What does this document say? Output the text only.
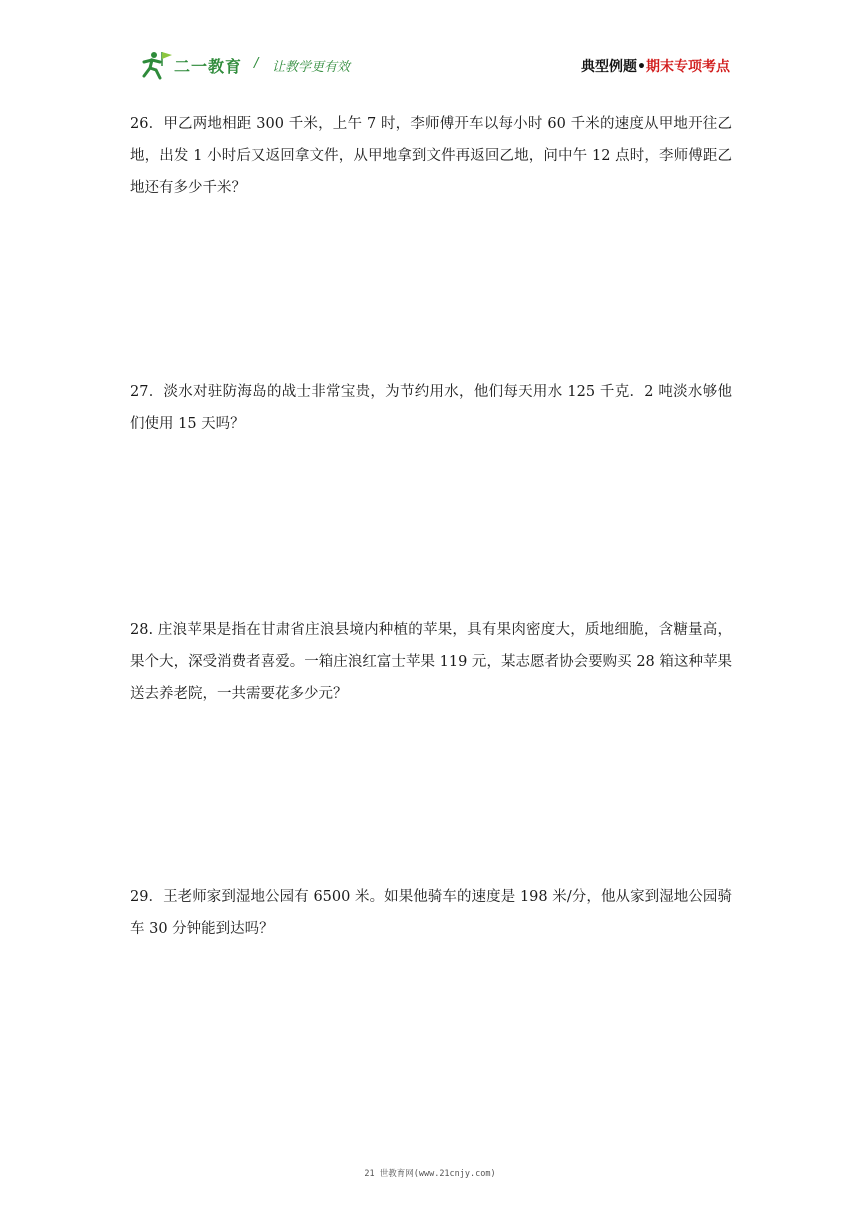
二一教育 / 让教学更有效	典型例题•期末专项考点
26．甲乙两地相距 300 千米，上午 7 时，李师傅开车以每小时 60 千米的速度从甲地开往乙地，出发 1 小时后又返回拿文件，从甲地拿到文件再返回乙地，问中午 12 点时，李师傅距乙地还有多少千米？
27．淡水对驻防海岛的战士非常宝贵，为节约用水，他们每天用水 125 千克．2 吨淡水够他们使用 15 天吗？
28. 庄浪苹果是指在甘肃省庄浪县境内种植的苹果，具有果肉密度大，质地细脆，含糖量高，果个大，深受消费者喜爱。一箱庄浪红富士苹果 119 元，某志愿者协会要购买 28 箱这种苹果送去养老院，一共需要花多少元？
29．王老师家到湿地公园有 6500 米。如果他骑车的速度是 198 米/分，他从家到湿地公园骑车 30 分钟能到达吗？
21 世教育网(www.21cnjy.com)
